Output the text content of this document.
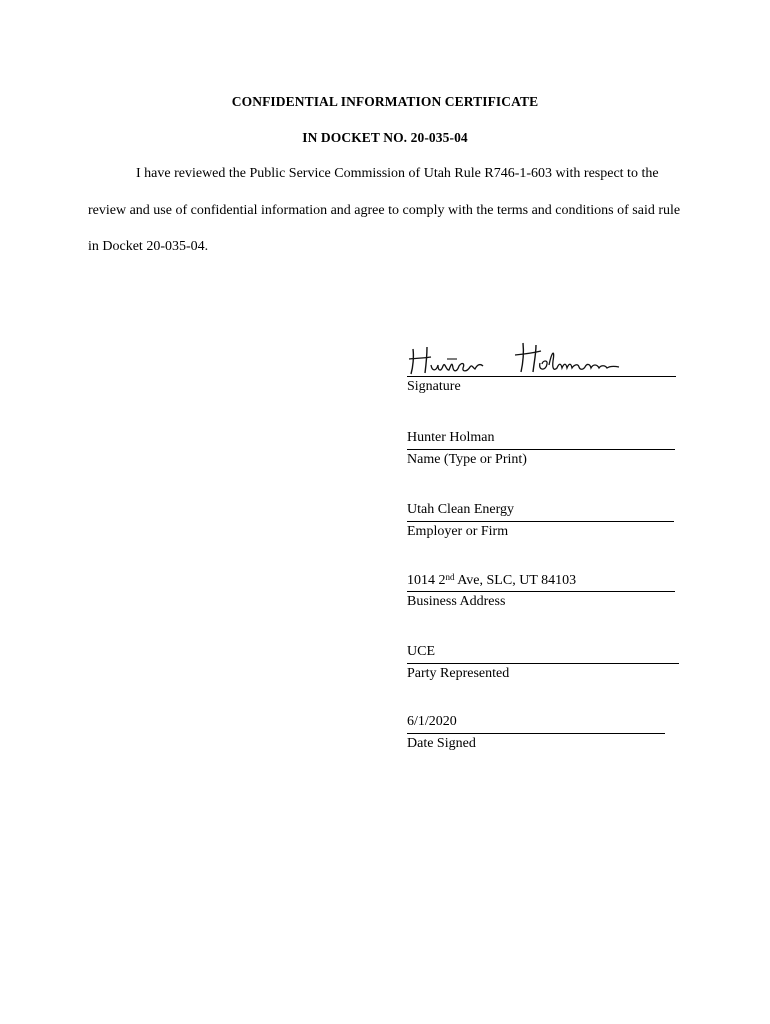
CONFIDENTIAL INFORMATION CERTIFICATE
IN DOCKET NO. 20-035-04
I have reviewed the Public Service Commission of Utah Rule R746-1-603 with respect to the review and use of confidential information and agree to comply with the terms and conditions of said rule in Docket 20-035-04.
Signature
Hunter Holman
Name (Type or Print)
Utah Clean Energy
Employer or Firm
1014 2nd Ave, SLC, UT 84103
Business Address
UCE
Party Represented
6/1/2020
Date Signed
